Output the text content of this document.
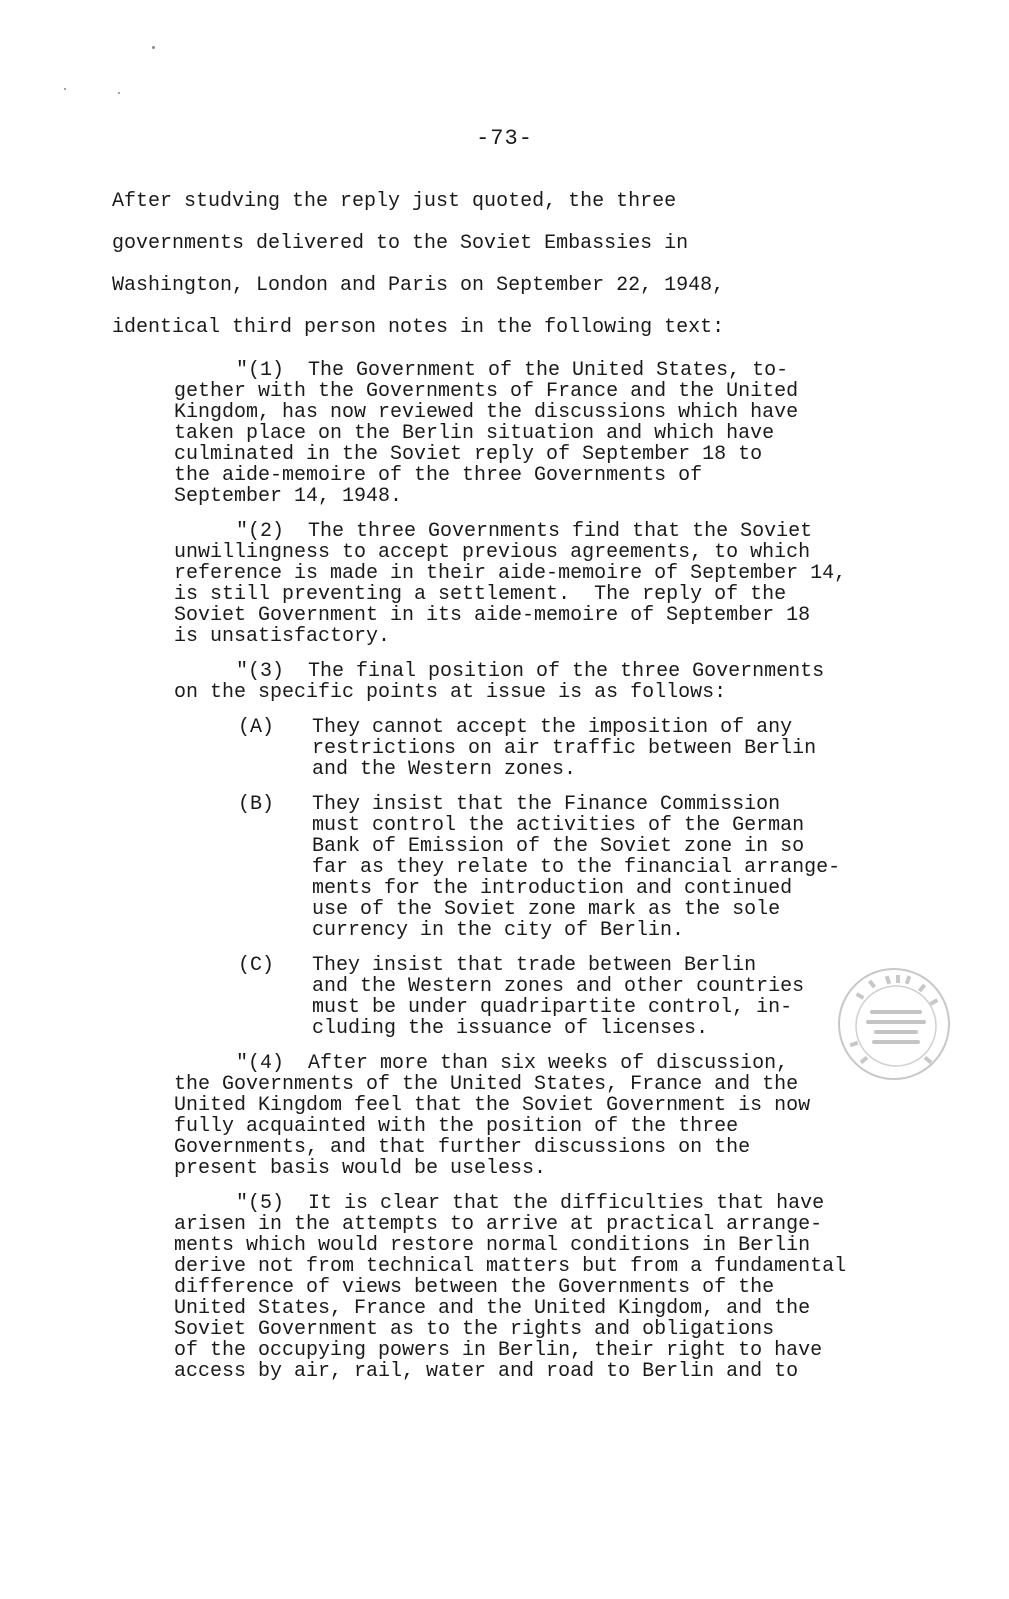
-73-
After studving the reply just quoted, the three
governments delivered to the Soviet Embassies in
Washington, London and Paris on September 22, 1948,
identical third person notes in the following text:
"(1)  The Government of the United States, to-
gether with the Governments of France and the United
Kingdom, has now reviewed the discussions which have
taken place on the Berlin situation and which have
culminated in the Soviet reply of September 18 to
the aide-memoire of the three Governments of
September 14, 1948.
"(2)  The three Governments find that the Soviet
unwillingness to accept previous agreements, to which
reference is made in their aide-memoire of September 14,
is still preventing a settlement.  The reply of the
Soviet Government in its aide-memoire of September 18
is unsatisfactory.
"(3)  The final position of the three Governments
on the specific points at issue is as follows:
(A) They cannot accept the imposition of any
restrictions on air traffic between Berlin
and the Western zones.
(B) They insist that the Finance Commission
must control the activities of the German
Bank of Emission of the Soviet zone in so
far as they relate to the financial arrange-
ments for the introduction and continued
use of the Soviet zone mark as the sole
currency in the city of Berlin.
(C) They insist that trade between Berlin
and the Western zones and other countries
must be under quadripartite control, in-
cluding the issuance of licenses.
"(4)  After more than six weeks of discussion,
the Governments of the United States, France and the
United Kingdom feel that the Soviet Government is now
fully acquainted with the position of the three
Governments, and that further discussions on the
present basis would be useless.
"(5)  It is clear that the difficulties that have
arisen in the attempts to arrive at practical arrange-
ments which would restore normal conditions in Berlin
derive not from technical matters but from a fundamental
difference of views between the Governments of the
United States, France and the United Kingdom, and the
Soviet Government as to the rights and obligations
of the occupying powers in Berlin, their right to have
access by air, rail, water and road to Berlin and to
